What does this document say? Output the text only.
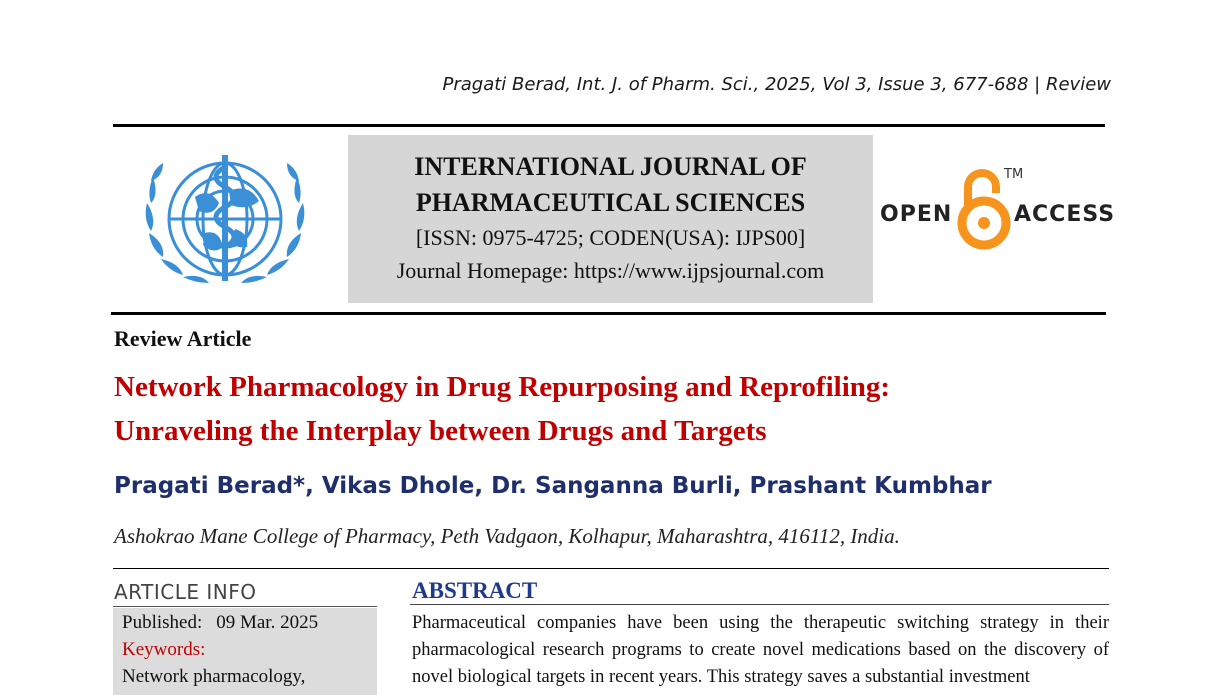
Pragati Berad, Int. J. of Pharm. Sci., 2025, Vol 3, Issue 3, 677-688 | Review
INTERNATIONAL JOURNAL OF
PHARMACEUTICAL SCIENCES
[ISSN: 0975-4725; CODEN(USA): IJPS00]
Journal Homepage: https://www.ijpsjournal.com
OPEN
TM
ACCESS
Review Article
Network Pharmacology in Drug Repurposing and Reprofiling:
Unraveling the Interplay between Drugs and Targets
Pragati Berad*, Vikas Dhole, Dr. Sanganna Burli, Prashant Kumbhar
Ashokrao Mane College of Pharmacy, Peth Vadgaon, Kolhapur, Maharashtra, 416112, India.
ARTICLE INFO
Published: 09 Mar. 2025
Keywords:
Network pharmacology,
ABSTRACT
Pharmaceutical companies have been using the therapeutic switching strategy in their pharmacological research programs to create novel medications based on the discovery of novel biological targets in recent years. This strategy saves a substantial investment
